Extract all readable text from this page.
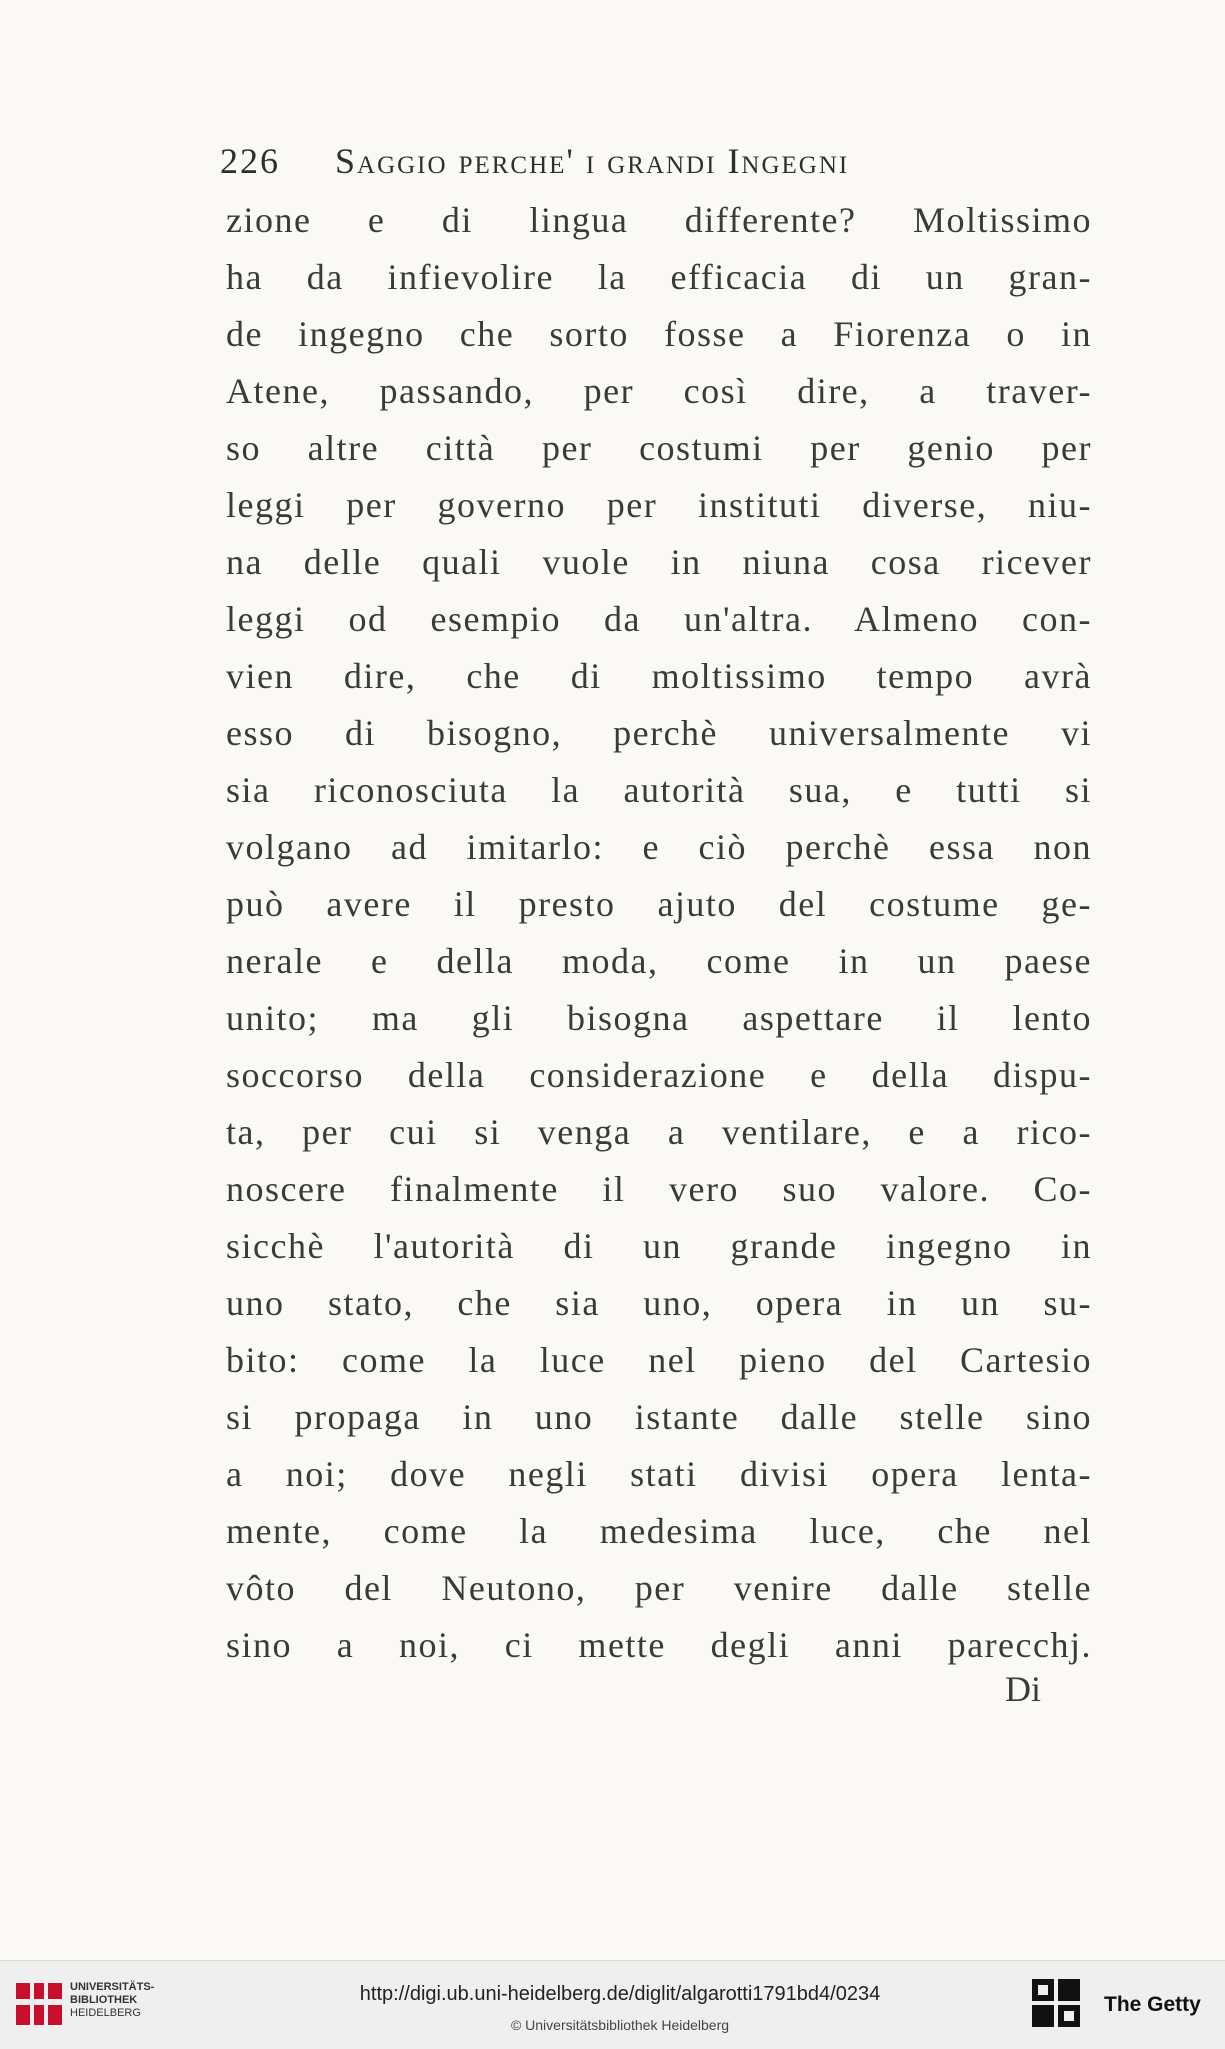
226 Saggio perche' i grandi Ingegni
zione e di lingua differente? Moltissimo
ha da infievolire la efficacia di un gran-
de ingegno che sorto fosse a Fiorenza o in
Atene, passando, per così dire, a traver-
so altre città per costumi per genio per
leggi per governo per instituti diverse, niu-
na delle quali vuole in niuna cosa ricever
leggi od esempio da un'altra. Almeno con-
vien dire, che di moltissimo tempo avrà
esso di bisogno, perchè universalmente vi
sia riconosciuta la autorità sua, e tutti si
volgano ad imitarlo: e ciò perchè essa non
può avere il presto ajuto del costume ge-
nerale e della moda, come in un paese
unito; ma gli bisogna aspettare il lento
soccorso della considerazione e della dispu-
ta, per cui si venga a ventilare, e a rico-
noscere finalmente il vero suo valore. Co-
sicchè l'autorità di un grande ingegno in
uno stato, che sia uno, opera in un su-
bito: come la luce nel pieno del Cartesio
si propaga in uno istante dalle stelle sino
a noi; dove negli stati divisi opera lenta-
mente, come la medesima luce, che nel
vôto del Neutono, per venire dalle stelle
sino a noi, ci mette degli anni parecchj.
Di
UNIVERSITÄTS-
BIBLIOTHEK
HEIDELBERG
http://digi.ub.uni-heidelberg.de/diglit/algarotti1791bd4/0234
© Universitätsbibliothek Heidelberg
The Getty
